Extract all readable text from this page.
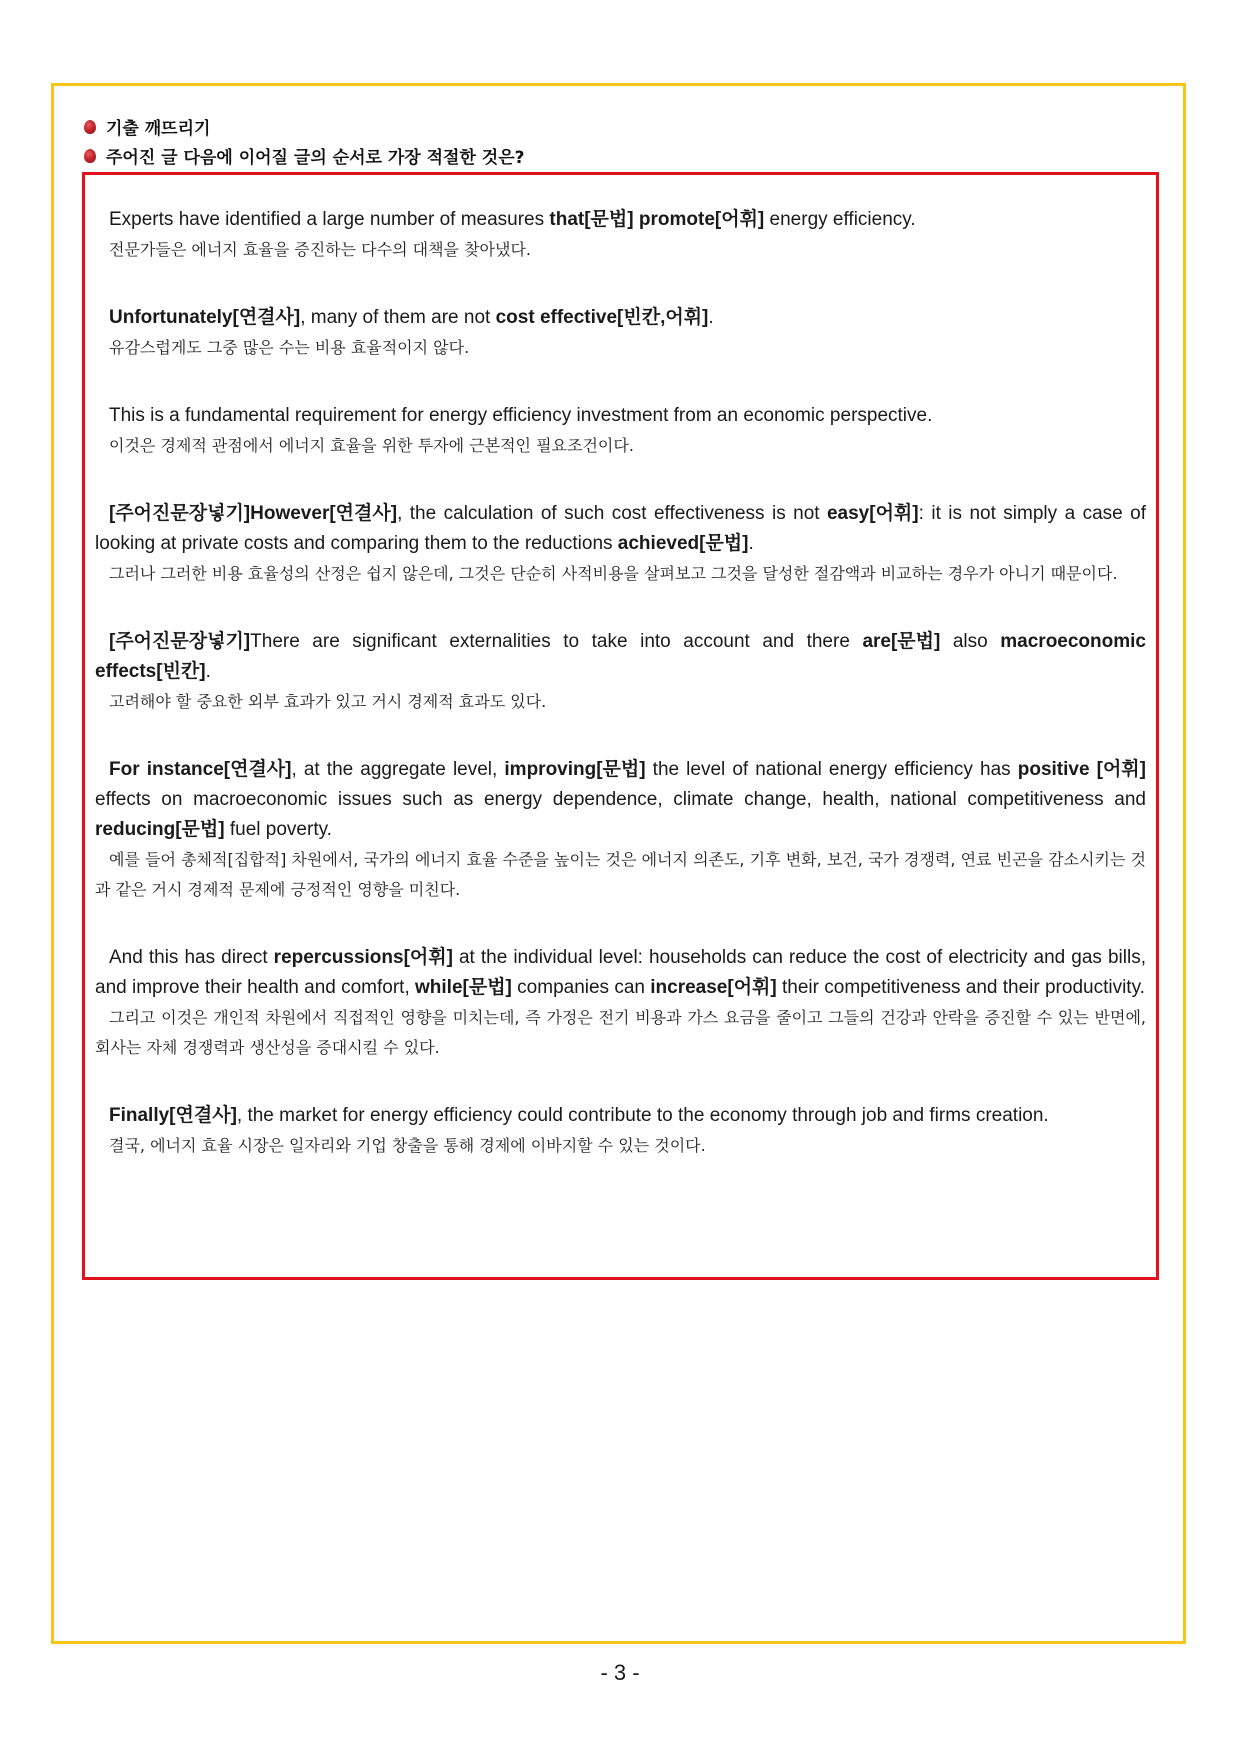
기출 깨뜨리기
주어진 글 다음에 이어질 글의 순서로 가장 적절한 것은?

Experts have identified a large number of measures that[문법] promote[어휘] energy efficiency.

전문가들은 에너지 효율을 증진하는 다수의 대책을 찾아냈다.

Unfortunately[연결사], many of them are not cost effective[빈칸,어휘].

유감스럽게도 그중 많은 수는 비용 효율적이지 않다.

This is a fundamental requirement for energy efficiency investment from an economic perspective.

이것은 경제적 관점에서 에너지 효율을 위한 투자에 근본적인 필요조건이다.

[주어진문장넣기]However[연결사], the calculation of such cost effectiveness is not easy[어휘]: it is not simply a case of looking at private costs and comparing them to the reductions achieved[문법].

그러나 그러한 비용 효율성의 산정은 쉽지 않은데, 그것은 단순히 사적비용을 살펴보고 그것을 달성한 절감액과 비교하는 경우가 아니기 때문이다.

[주어진문장넣기]There are significant externalities to take into account and there are[문법] also macroeconomic effects[빈칸].

고려해야 할 중요한 외부 효과가 있고 거시 경제적 효과도 있다.

For instance[연결사], at the aggregate level, improving[문법] the level of national energy efficiency has positive [어휘] effects on macroeconomic issues such as energy dependence, climate change, health, national competitiveness and reducing[문법] fuel poverty.

예를 들어 총체적[집합적] 차원에서, 국가의 에너지 효율 수준을 높이는 것은 에너지 의존도, 기후 변화, 보건, 국가 경쟁력, 연료 빈곤을 감소시키는 것과 같은 거시 경제적 문제에 긍정적인 영향을 미친다.

And this has direct repercussions[어휘] at the individual level: households can reduce the cost of electricity and gas bills, and improve their health and comfort, while[문법] companies can increase[어휘] their competitiveness and their productivity.

그리고 이것은 개인적 차원에서 직접적인 영향을 미치는데, 즉 가정은 전기 비용과 가스 요금을 줄이고 그들의 건강과 안락을 증진할 수 있는 반면에, 회사는 자체 경쟁력과 생산성을 증대시킬 수 있다.

Finally[연결사], the market for energy efficiency could contribute to the economy through job and firms creation.

결국, 에너지 효율 시장은 일자리와 기업 창출을 통해 경제에 이바지할 수 있는 것이다.

- 3 -
